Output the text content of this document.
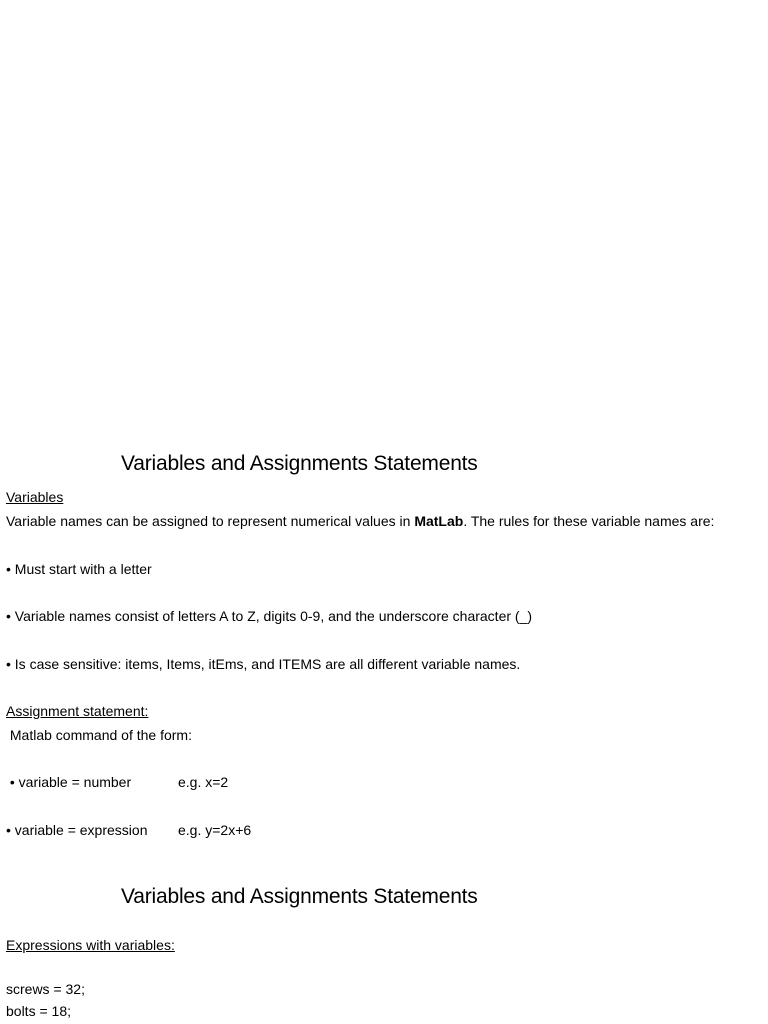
Variables and Assignments Statements
Variables
Variable names can be assigned to represent numerical values in MatLab. The rules for these variable names are:
• Must start with a letter
• Variable names consist of letters A to Z, digits 0-9, and the underscore character (_)
• Is case sensitive: items, Items, itEms, and ITEMS are all different variable names.
Assignment statement:
Matlab command of the form:
• variable = number	e.g. x=2
• variable = expression e.g. y=2x+6
Variables and Assignments Statements
Expressions with variables:
screws = 32;
bolts = 18;
